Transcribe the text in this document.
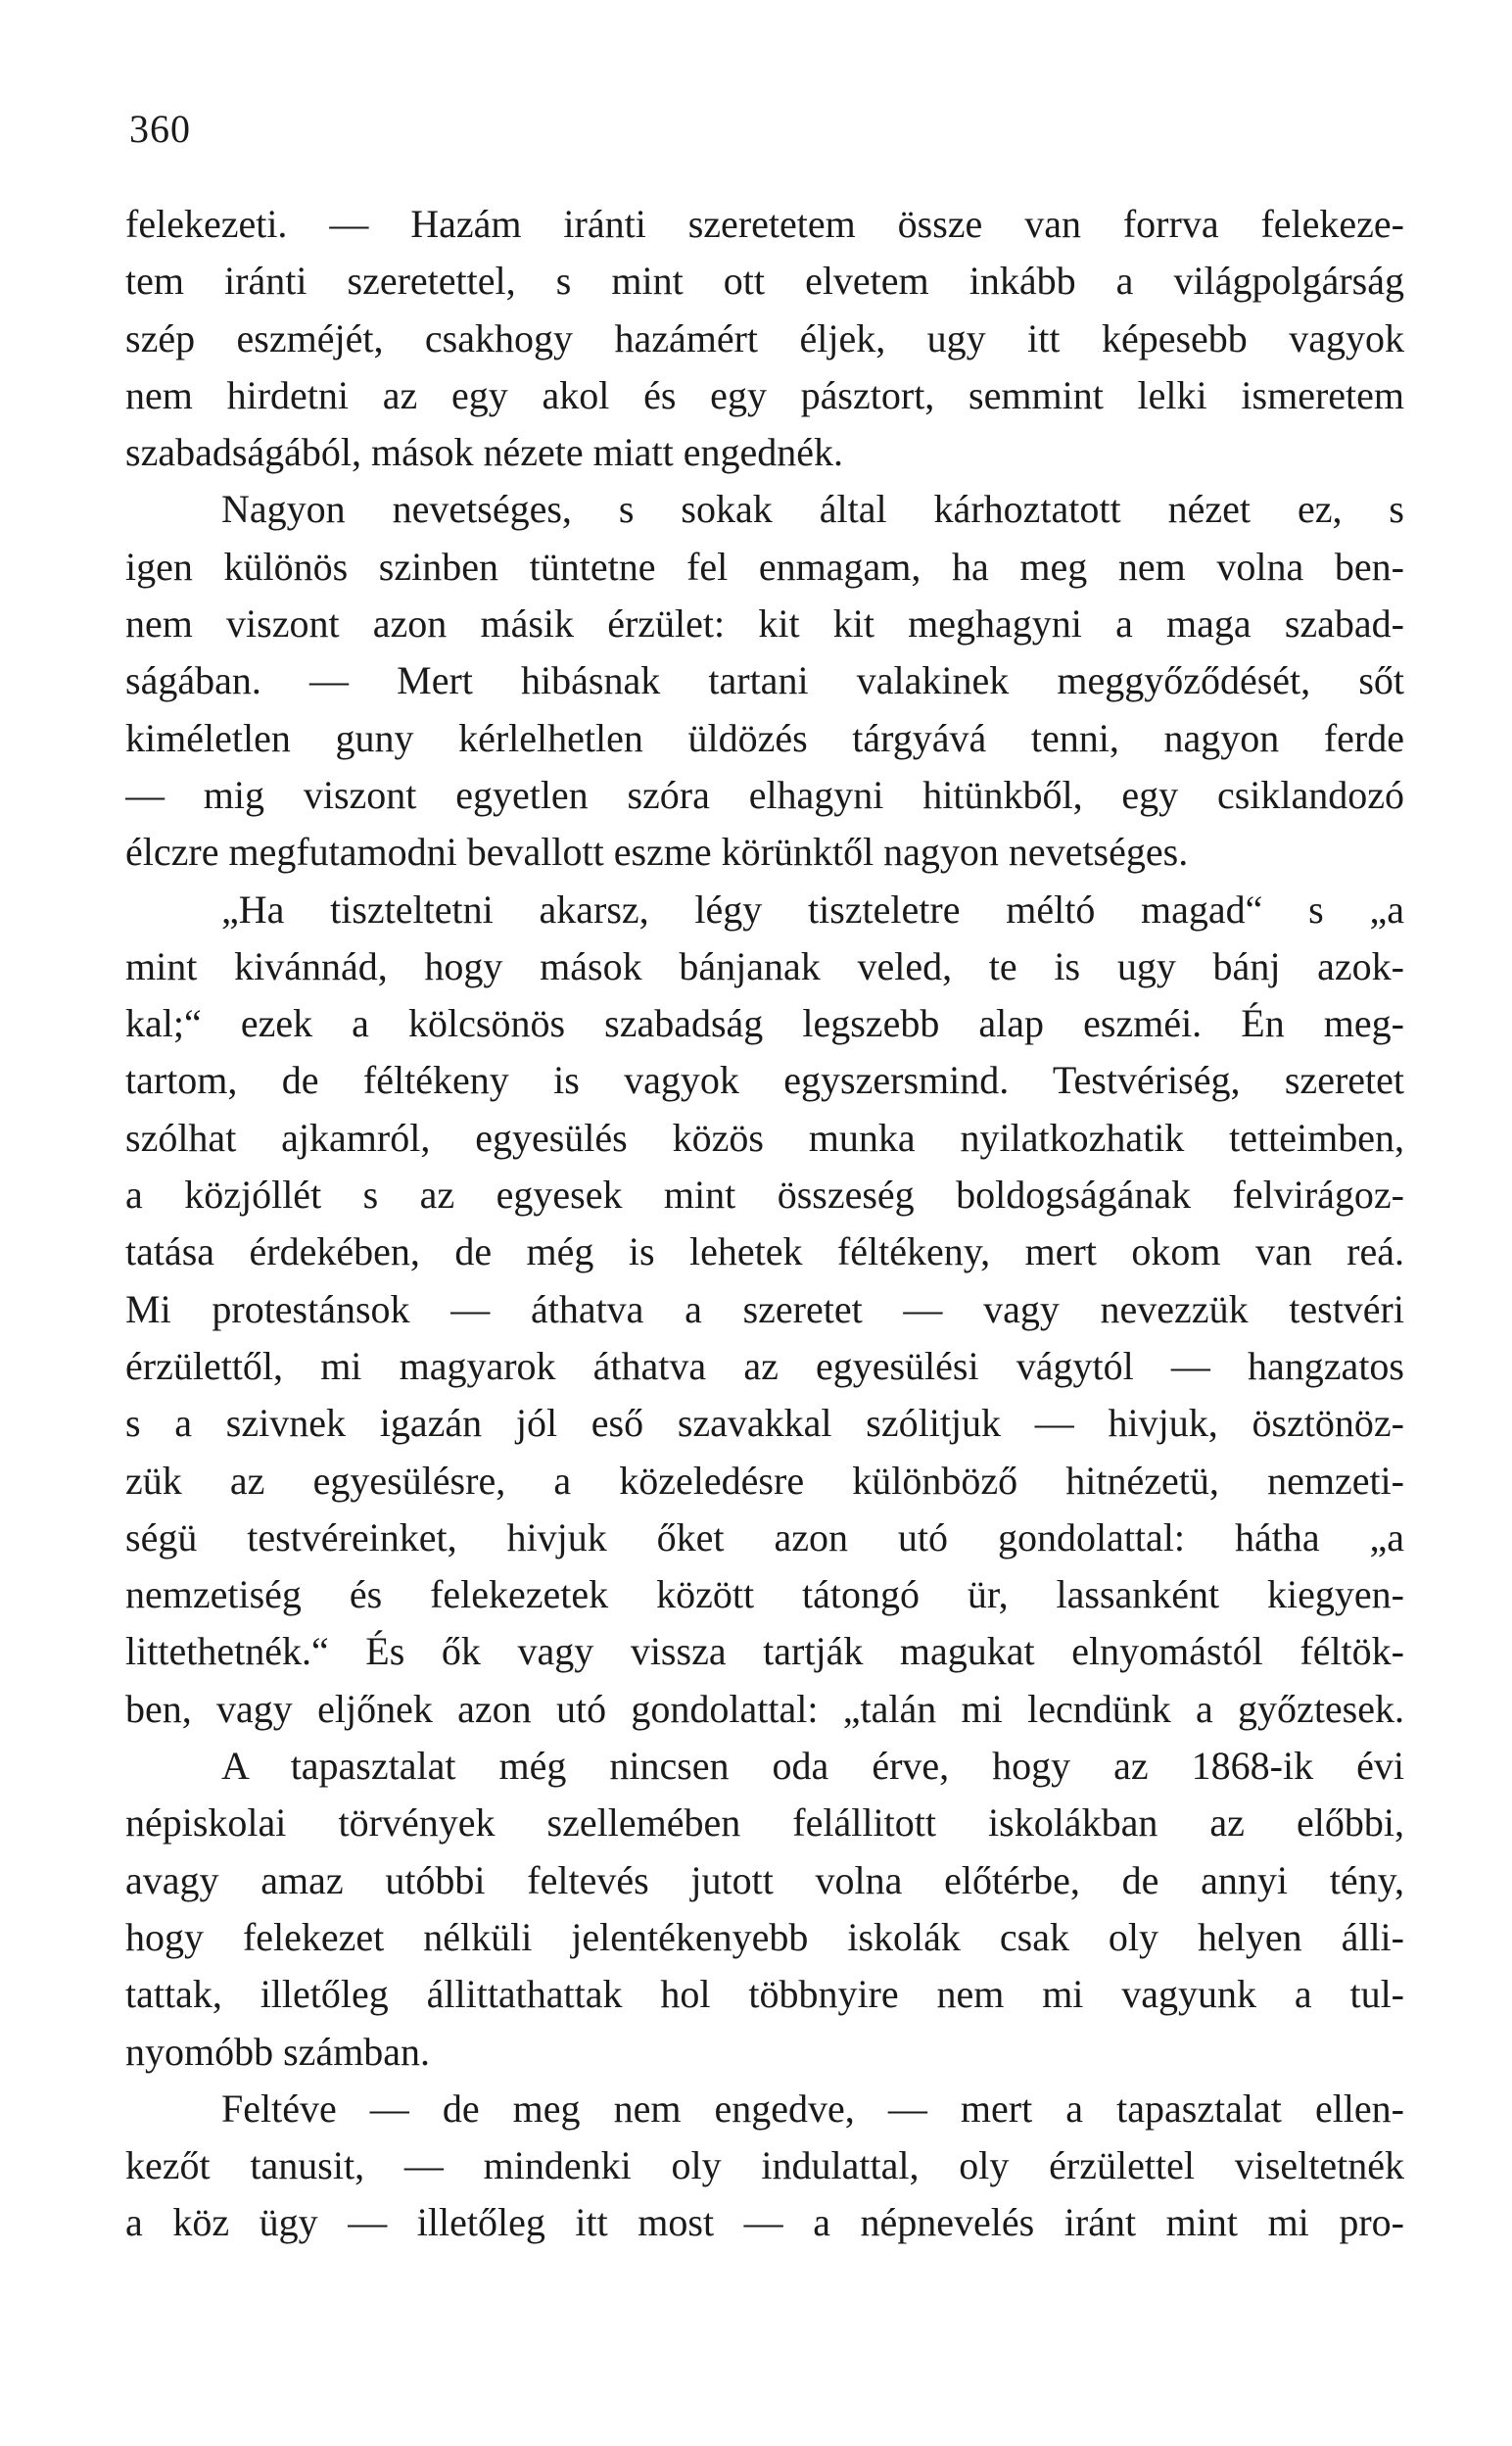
360
felekezeti. — Hazám iránti szeretetem össze van forrva felekeze-
tem iránti szeretettel, s mint ott elvetem inkább a világpolgárság
szép eszméjét, csakhogy hazámért éljek, ugy itt képesebb vagyok
nem hirdetni az egy akol és egy pásztort, semmint lelki ismeretem
szabadságából, mások nézete miatt engednék.
Nagyon nevetséges, s sokak által kárhoztatott nézet ez, s
igen különös szinben tüntetne fel enmagam, ha meg nem volna ben-
nem viszont azon másik érzület: kit kit meghagyni a maga szabad-
ságában. — Mert hibásnak tartani valakinek meggyőződését, sőt
kiméletlen guny kérlelhetlen üldözés tárgyává tenni, nagyon ferde
— mig viszont egyetlen szóra elhagyni hitünkből, egy csiklandozó
élczre megfutamodni bevallott eszme körünktől nagyon nevetséges.
„Ha tiszteltetni akarsz, légy tiszteletre méltó magad“ s „a
mint kivánnád, hogy mások bánjanak veled, te is ugy bánj azok-
kal;“ ezek a kölcsönös szabadság legszebb alap eszméi. Én meg-
tartom, de féltékeny is vagyok egyszersmind. Testvériség, szeretet
szólhat ajkamról, egyesülés közös munka nyilatkozhatik tetteimben,
a közjóllét s az egyesek mint összeség boldogságának felvirágoz-
tatása érdekében, de még is lehetek féltékeny, mert okom van reá.
Mi protestánsok — áthatva a szeretet — vagy nevezzük testvéri
érzülettől, mi magyarok áthatva az egyesülési vágytól — hangzatos
s a szivnek igazán jól eső szavakkal szólitjuk — hivjuk, ösztönöz-
zük az egyesülésre, a közeledésre különböző hitnézetü, nemzeti-
ségü testvéreinket, hivjuk őket azon utó gondolattal: hátha „a
nemzetiség és felekezetek között tátongó ür, lassanként kiegyen-
littethetnék.“ És ők vagy vissza tartják magukat elnyomástól féltök-
ben, vagy eljőnek azon utó gondolattal: „talán mi lecndünk a győztesek.
A tapasztalat még nincsen oda érve, hogy az 1868-ik évi
népiskolai törvények szellemében felállitott iskolákban az előbbi,
avagy amaz utóbbi feltevés jutott volna előtérbe, de annyi tény,
hogy felekezet nélküli jelentékenyebb iskolák csak oly helyen álli-
tattak, illetőleg állittathattak hol többnyire nem mi vagyunk a tul-
nyomóbb számban.
Feltéve — de meg nem engedve, — mert a tapasztalat ellen-
kezőt tanusit, — mindenki oly indulattal, oly érzülettel viseltetnék
a köz ügy — illetőleg itt most — a népnevelés iránt mint mi pro-
